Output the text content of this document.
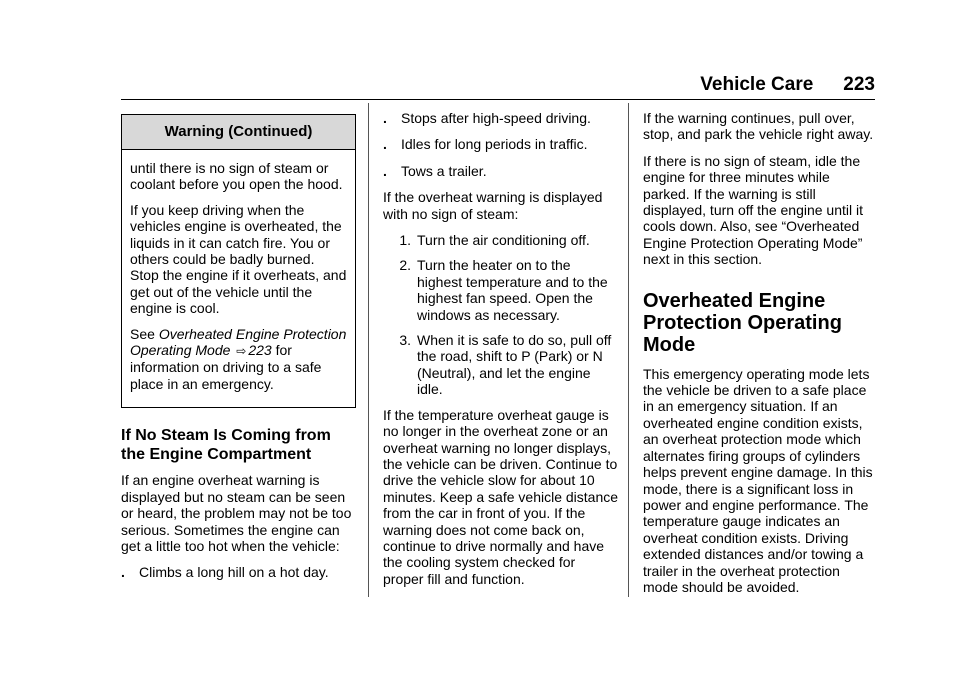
Vehicle Care 223
Warning (Continued)

until there is no sign of steam or coolant before you open the hood.

If you keep driving when the vehicles engine is overheated, the liquids in it can catch fire. You or others could be badly burned. Stop the engine if it overheats, and get out of the vehicle until the engine is cool.

See Overheated Engine Protection Operating Mode ⇨ 223 for information on driving to a safe place in an emergency.

If No Steam Is Coming from the Engine Compartment

If an engine overheat warning is displayed but no steam can be seen or heard, the problem may not be too serious. Sometimes the engine can get a little too hot when the vehicle:

.	Climbs a long hill on a hot day.
.	Stops after high-speed driving.
.	Idles for long periods in traffic.
.	Tows a trailer.

If the overheat warning is displayed with no sign of steam:

1. Turn the air conditioning off.
2. Turn the heater on to the highest temperature and to the highest fan speed. Open the windows as necessary.
3. When it is safe to do so, pull off the road, shift to P (Park) or N (Neutral), and let the engine idle.

If the temperature overheat gauge is no longer in the overheat zone or an overheat warning no longer displays, the vehicle can be driven. Continue to drive the vehicle slow for about 10 minutes. Keep a safe vehicle distance from the car in front of you. If the warning does not come back on, continue to drive normally and have the cooling system checked for proper fill and function.

If the warning continues, pull over, stop, and park the vehicle right away.

If there is no sign of steam, idle the engine for three minutes while parked. If the warning is still displayed, turn off the engine until it cools down. Also, see “Overheated Engine Protection Operating Mode” next in this section.

Overheated Engine Protection Operating Mode

This emergency operating mode lets the vehicle be driven to a safe place in an emergency situation. If an overheated engine condition exists, an overheat protection mode which alternates firing groups of cylinders helps prevent engine damage. In this mode, there is a significant loss in power and engine performance. The temperature gauge indicates an overheat condition exists. Driving extended distances and/or towing a trailer in the overheat protection mode should be avoided.
